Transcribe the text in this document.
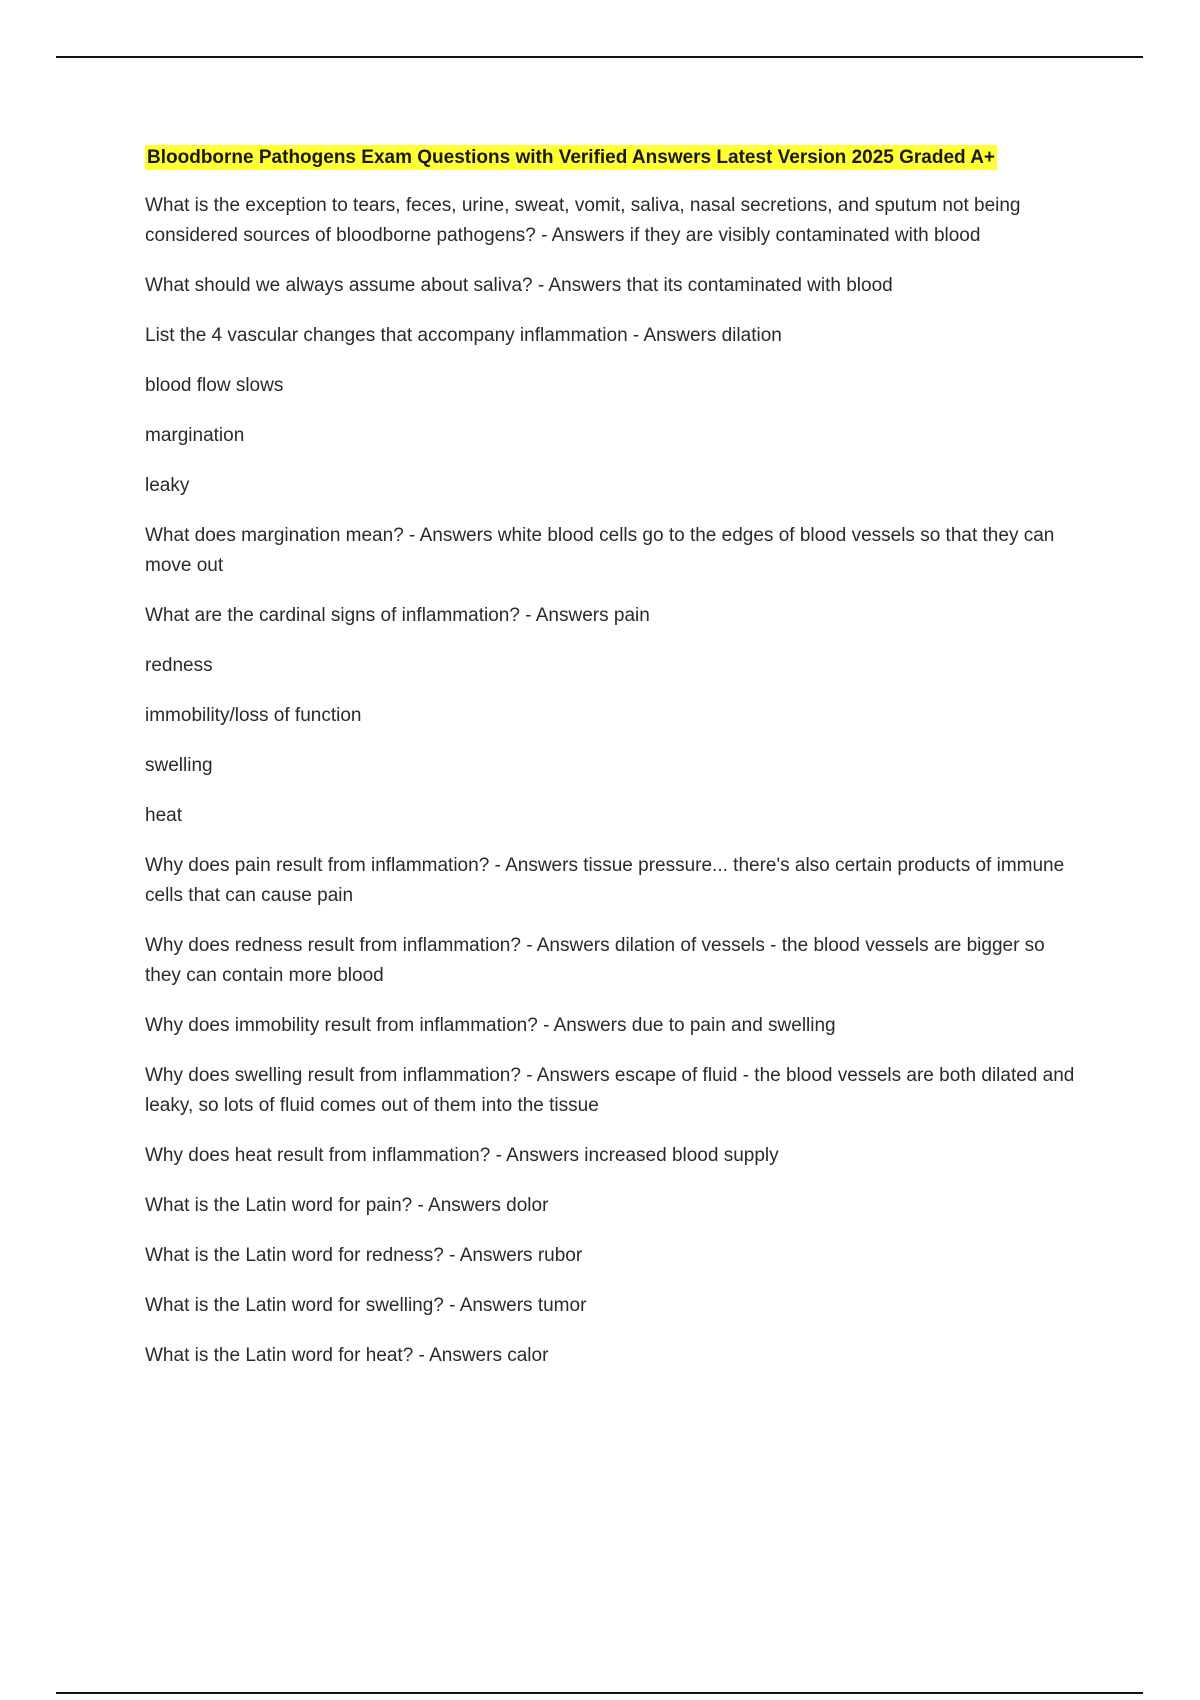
Bloodborne Pathogens Exam Questions with Verified Answers Latest Version 2025 Graded A+

What is the exception to tears, feces, urine, sweat, vomit, saliva, nasal secretions, and sputum not being considered sources of bloodborne pathogens? - Answers if they are visibly contaminated with blood

What should we always assume about saliva? - Answers that its contaminated with blood

List the 4 vascular changes that accompany inflammation - Answers dilation

blood flow slows

margination

leaky

What does margination mean? - Answers white blood cells go to the edges of blood vessels so that they can move out

What are the cardinal signs of inflammation? - Answers pain

redness

immobility/loss of function

swelling

heat

Why does pain result from inflammation? - Answers tissue pressure... there's also certain products of immune cells that can cause pain

Why does redness result from inflammation? - Answers dilation of vessels - the blood vessels are bigger so they can contain more blood

Why does immobility result from inflammation? - Answers due to pain and swelling

Why does swelling result from inflammation? - Answers escape of fluid - the blood vessels are both dilated and leaky, so lots of fluid comes out of them into the tissue

Why does heat result from inflammation? - Answers increased blood supply

What is the Latin word for pain? - Answers dolor

What is the Latin word for redness? - Answers rubor

What is the Latin word for swelling? - Answers tumor

What is the Latin word for heat? - Answers calor
